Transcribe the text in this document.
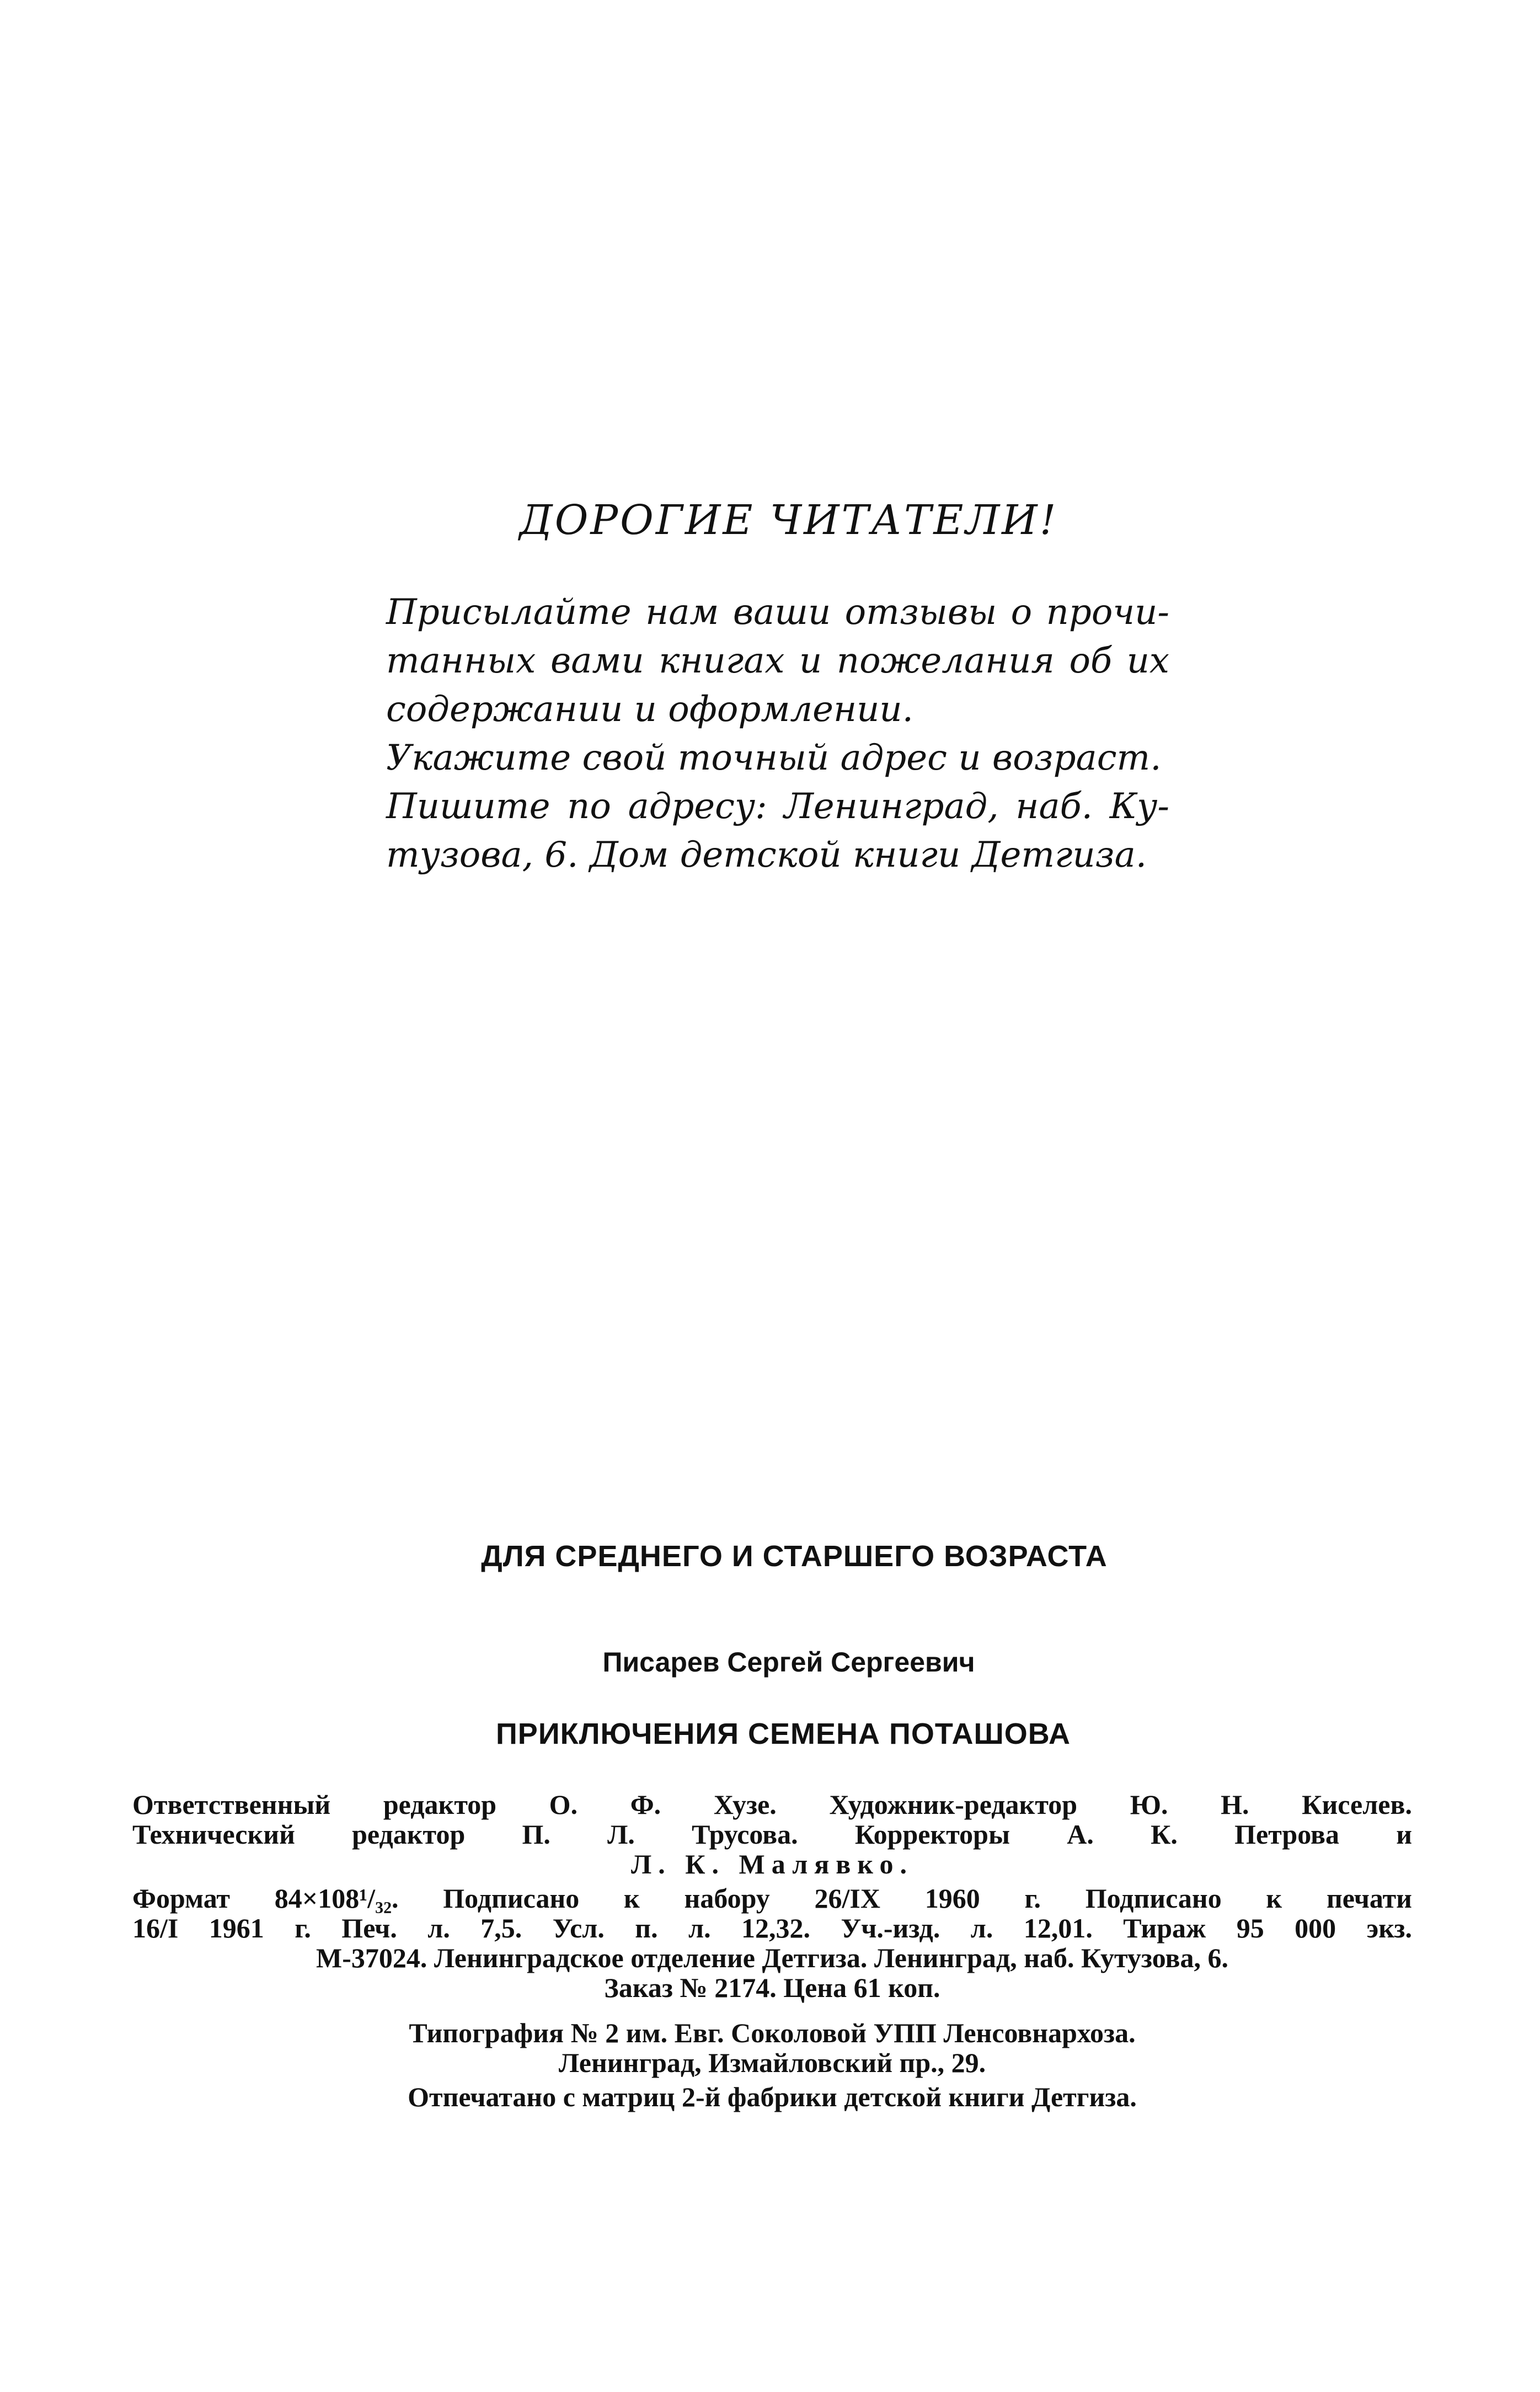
ДОРОГИЕ ЧИТАТЕЛИ!

Присылайте нам ваши отзывы о прочи-

танных вами книгах и пожелания об их

содержании и оформлении.

Укажите свой точный адрес и возраст.

Пишите по адресу: Ленинград, наб. Ку-

тузова, 6. Дом детской книги Детгиза.

ДЛЯ СРЕДНЕГО И СТАРШЕГО ВОЗРАСТА
Писарев Сергей Сергеевич
ПРИКЛЮЧЕНИЯ СЕМЕНА ПОТАШОВА

Ответственный редактор О. Ф. Хузе. Художник-редактор Ю. Н. Киселев.

Технический редактор П. Л. Трусова. Корректоры А. К. Петрова и

Л. К. Малявко.

Формат 84×108¹/₃₂. Подписано к набору 26/IX 1960 г. Подписано к печати

16/I 1961 г. Печ. л. 7,5. Усл. п. л. 12,32. Уч.-изд. л. 12,01. Тираж 95 000 экз.

М-37024. Ленинградское отделение Детгиза. Ленинград, наб. Кутузова, 6.

Заказ № 2174. Цена 61 коп.

Типография № 2 им. Евг. Соколовой УПП Ленсовнархоза.

Ленинград, Измайловский пр., 29.

Отпечатано с матриц 2-й фабрики детской книги Детгиза.
